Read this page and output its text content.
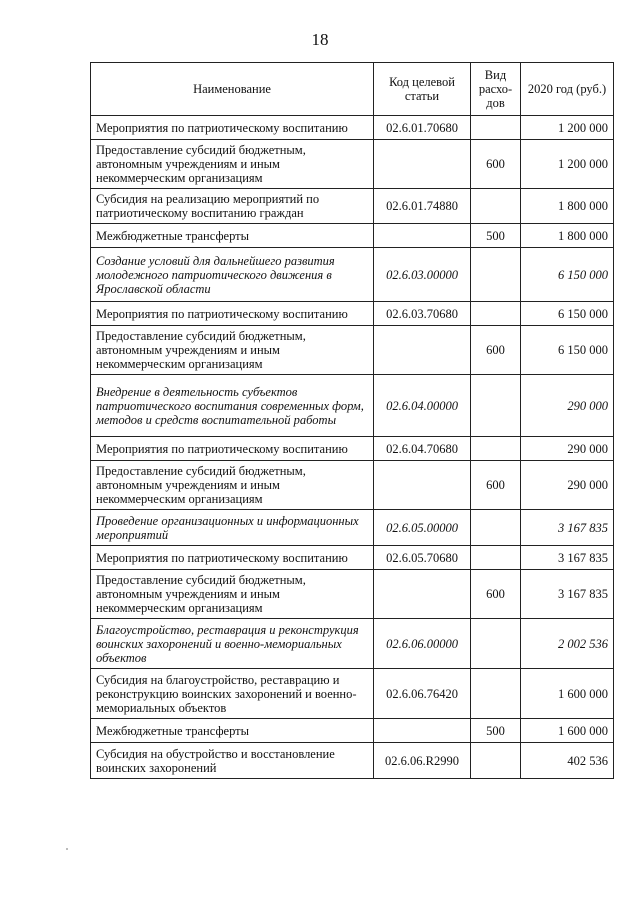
18
Наименование	Код целевой статьи	Вид расхо-дов	2020 год (руб.)
Мероприятия по патриотическому воспитанию	02.6.01.70680		1 200 000
Предоставление субсидий бюджетным, автономным учреждениям и иным некоммерческим организациям		600	1 200 000
Субсидия на реализацию мероприятий по патриотическому воспитанию граждан	02.6.01.74880		1 800 000
Межбюджетные трансферты		500	1 800 000
Создание условий для дальнейшего развития молодежного патриотического движения в Ярославской области	02.6.03.00000		6 150 000
Мероприятия по патриотическому воспитанию	02.6.03.70680		6 150 000
Предоставление субсидий бюджетным, автономным учреждениям и иным некоммерческим организациям		600	6 150 000
Внедрение в деятельность субъектов патриотического воспитания современных форм, методов и средств воспитательной работы	02.6.04.00000		290 000
Мероприятия по патриотическому воспитанию	02.6.04.70680		290 000
Предоставление субсидий бюджетным, автономным учреждениям и иным некоммерческим организациям		600	290 000
Проведение организационных и информационных мероприятий	02.6.05.00000		3 167 835
Мероприятия по патриотическому воспитанию	02.6.05.70680		3 167 835
Предоставление субсидий бюджетным, автономным учреждениям и иным некоммерческим организациям		600	3 167 835
Благоустройство, реставрация и реконструкция воинских захоронений и военно-мемориальных объектов	02.6.06.00000		2 002 536
Субсидия на благоустройство, реставрацию и реконструкцию воинских захоронений и военно-мемориальных объектов	02.6.06.76420		1 600 000
Межбюджетные трансферты		500	1 600 000
Субсидия на обустройство и восстановление воинских захоронений	02.6.06.R2990		402 536
